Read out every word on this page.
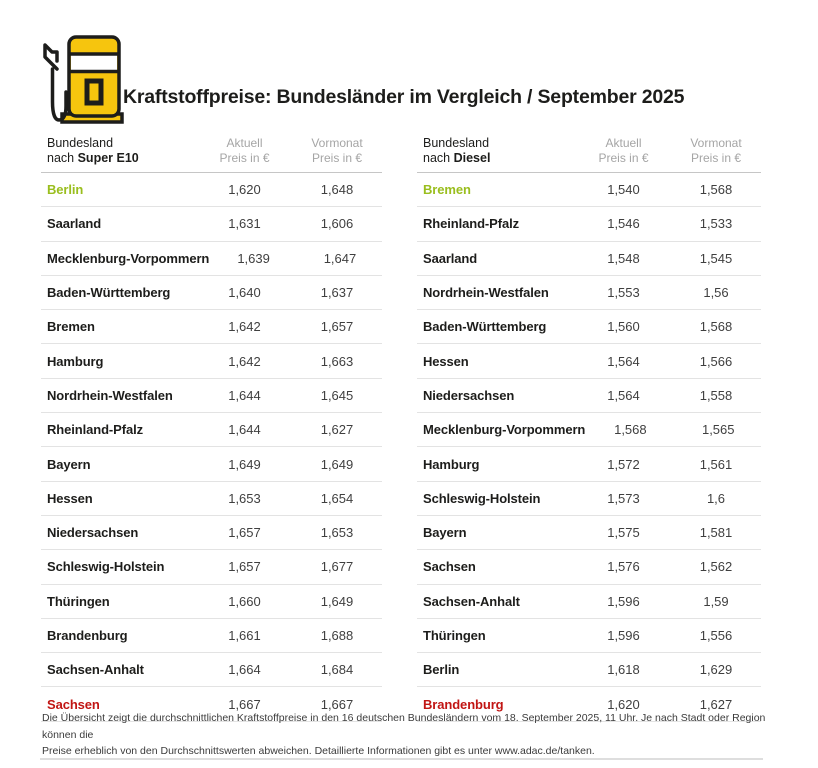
Kraftstoffpreise: Bundesländer im Vergleich / September 2025
Bundesland
nach Super E10
Aktuell
Preis in €
Vormonat
Preis in €
Berlin	1,620	1,648
Saarland	1,631	1,606
Mecklenburg-Vorpommern	1,639	1,647
Baden-Württemberg	1,640	1,637
Bremen	1,642	1,657
Hamburg	1,642	1,663
Nordrhein-Westfalen	1,644	1,645
Rheinland-Pfalz	1,644	1,627
Bayern	1,649	1,649
Hessen	1,653	1,654
Niedersachsen	1,657	1,653
Schleswig-Holstein	1,657	1,677
Thüringen	1,660	1,649
Brandenburg	1,661	1,688
Sachsen-Anhalt	1,664	1,684
Sachsen	1,667	1,667
Bundesland
nach Diesel
Aktuell
Preis in €
Vormonat
Preis in €
Bremen	1,540	1,568
Rheinland-Pfalz	1,546	1,533
Saarland	1,548	1,545
Nordrhein-Westfalen	1,553	1,56
Baden-Württemberg	1,560	1,568
Hessen	1,564	1,566
Niedersachsen	1,564	1,558
Mecklenburg-Vorpommern	1,568	1,565
Hamburg	1,572	1,561
Schleswig-Holstein	1,573	1,6
Bayern	1,575	1,581
Sachsen	1,576	1,562
Sachsen-Anhalt	1,596	1,59
Thüringen	1,596	1,556
Berlin	1,618	1,629
Brandenburg	1,620	1,627
Die Übersicht zeigt die durchschnittlichen Kraftstoffpreise in den 16 deutschen Bundesländern vom 18. September 2025, 11 Uhr. Je nach Stadt oder Region können die
Preise erheblich von den Durchschnittswerten abweichen. Detaillierte Informationen gibt es unter www.adac.de/tanken.
